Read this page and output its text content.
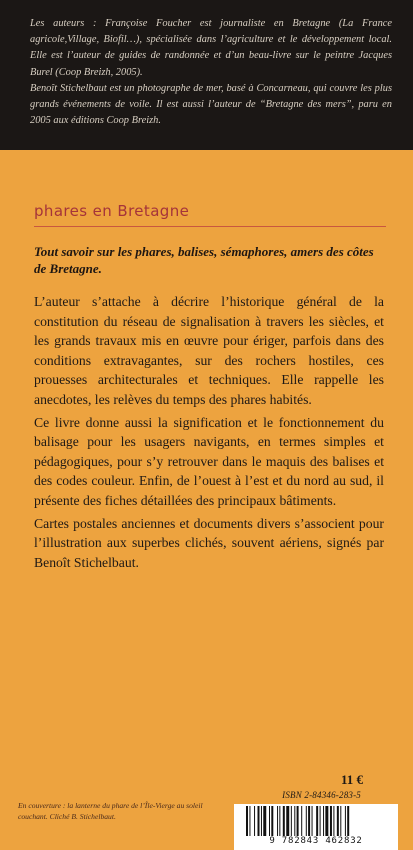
Les auteurs : Françoise Foucher est journaliste en Bretagne (La France agricole,Village, Biofil…), spécialisée dans l’agriculture et le développement local. Elle est l’auteur de guides de randonnée et d’un beau-livre sur le peintre Jacques Burel (Coop Breizh, 2005).

Benoît Stichelbaut est un photographe de mer, basé à Concarneau, qui couvre les plus grands événements de voile. Il est aussi l’auteur de “Bretagne des mers”, paru en 2005 aux éditions Coop Breizh.

phares en Bretagne
Tout savoir sur les phares, balises, sémaphores, amers des côtes de Bretagne.

L’auteur s’attache à décrire l’historique général de la constitution du réseau de signalisation à travers les siècles, et les grands travaux mis en œuvre pour ériger, parfois dans des conditions extravagantes, sur des rochers hostiles, ces prouesses architecturales et techniques. Elle rappelle les anecdotes, les relèves du temps des phares habités.

Ce livre donne aussi la signification et le fonctionnement du balisage pour les usagers navigants, en termes simples et pédagogiques, pour s’y retrouver dans le maquis des balises et des codes couleur. Enfin, de l’ouest à l’est et du nord au sud, il présente des fiches détaillées des principaux bâtiments.

Cartes postales anciennes et documents divers s’associent pour l’illustration aux superbes clichés, souvent aériens, signés par Benoît Stichelbaut.

11 €
ISBN 2-84346-283-5
En couverture : la lanterne du phare de l’Île-Vierge au soleil couchant. Cliché B. Stichelbaut.
9 782843 462832
